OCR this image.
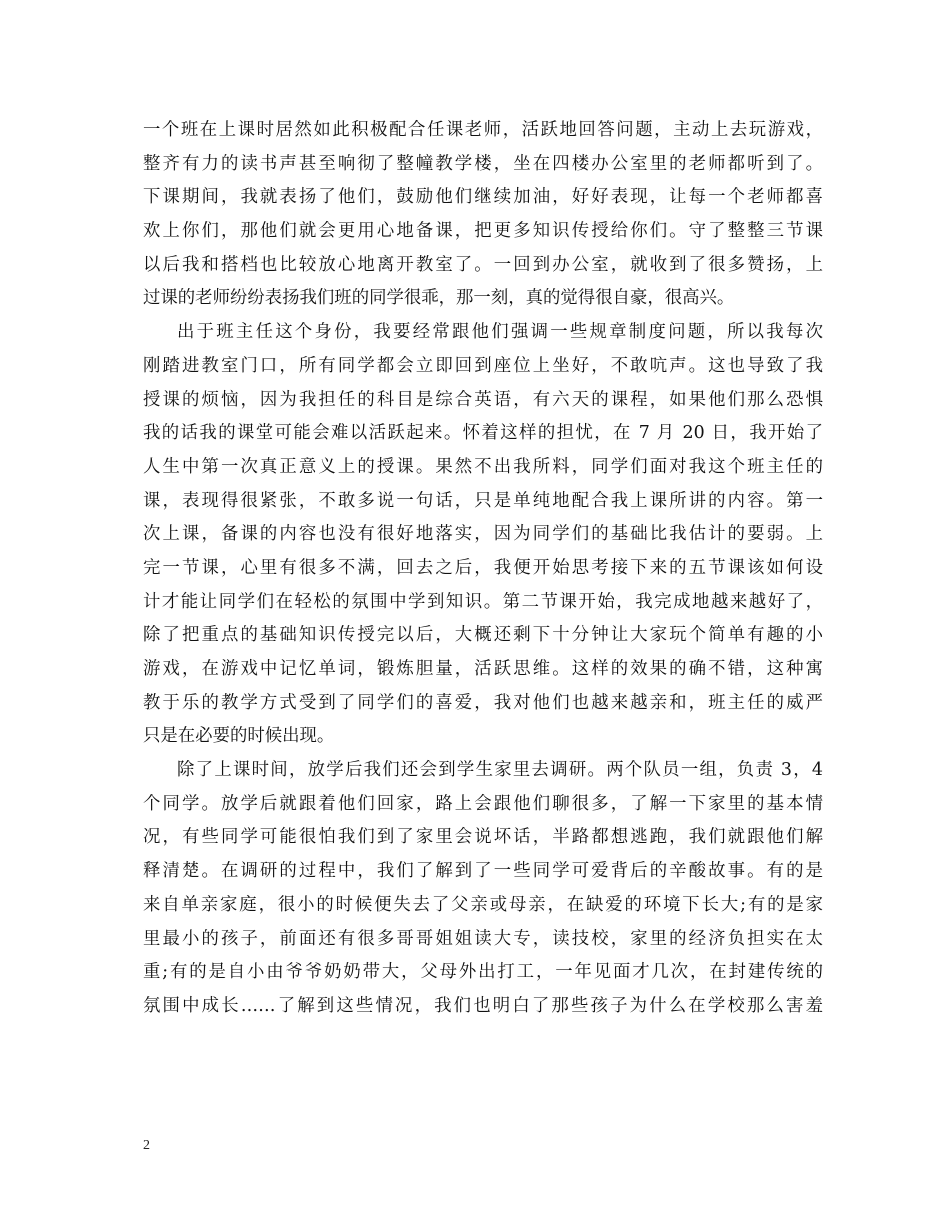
一个班在上课时居然如此积极配合任课老师，活跃地回答问题，主动上去玩游戏，
整齐有力的读书声甚至响彻了整幢教学楼，坐在四楼办公室里的老师都听到了。
下课期间，我就表扬了他们，鼓励他们继续加油，好好表现，让每一个老师都喜
欢上你们，那他们就会更用心地备课，把更多知识传授给你们。守了整整三节课
以后我和搭档也比较放心地离开教室了。一回到办公室，就收到了很多赞扬，上
过课的老师纷纷表扬我们班的同学很乖，那一刻，真的觉得很自豪，很高兴。
出于班主任这个身份，我要经常跟他们强调一些规章制度问题，所以我每次
刚踏进教室门口，所有同学都会立即回到座位上坐好，不敢吭声。这也导致了我
授课的烦恼，因为我担任的科目是综合英语，有六天的课程，如果他们那么恐惧
我的话我的课堂可能会难以活跃起来。怀着这样的担忧，在 7 月 20 日，我开始了
人生中第一次真正意义上的授课。果然不出我所料，同学们面对我这个班主任的
课，表现得很紧张，不敢多说一句话，只是单纯地配合我上课所讲的内容。第一
次上课，备课的内容也没有很好地落实，因为同学们的基础比我估计的要弱。上
完一节课，心里有很多不满，回去之后，我便开始思考接下来的五节课该如何设
计才能让同学们在轻松的氛围中学到知识。第二节课开始，我完成地越来越好了，
除了把重点的基础知识传授完以后，大概还剩下十分钟让大家玩个简单有趣的小
游戏，在游戏中记忆单词，锻炼胆量，活跃思维。这样的效果的确不错，这种寓
教于乐的教学方式受到了同学们的喜爱，我对他们也越来越亲和，班主任的威严
只是在必要的时候出现。
除了上课时间，放学后我们还会到学生家里去调研。两个队员一组，负责 3，4
个同学。放学后就跟着他们回家，路上会跟他们聊很多，了解一下家里的基本情
况，有些同学可能很怕我们到了家里会说坏话，半路都想逃跑，我们就跟他们解
释清楚。在调研的过程中，我们了解到了一些同学可爱背后的辛酸故事。有的是
来自单亲家庭，很小的时候便失去了父亲或母亲，在缺爱的环境下长大;有的是家
里最小的孩子，前面还有很多哥哥姐姐读大专，读技校，家里的经济负担实在太
重;有的是自小由爷爷奶奶带大，父母外出打工，一年见面才几次，在封建传统的
氛围中成长……了解到这些情况，我们也明白了那些孩子为什么在学校那么害羞
2
